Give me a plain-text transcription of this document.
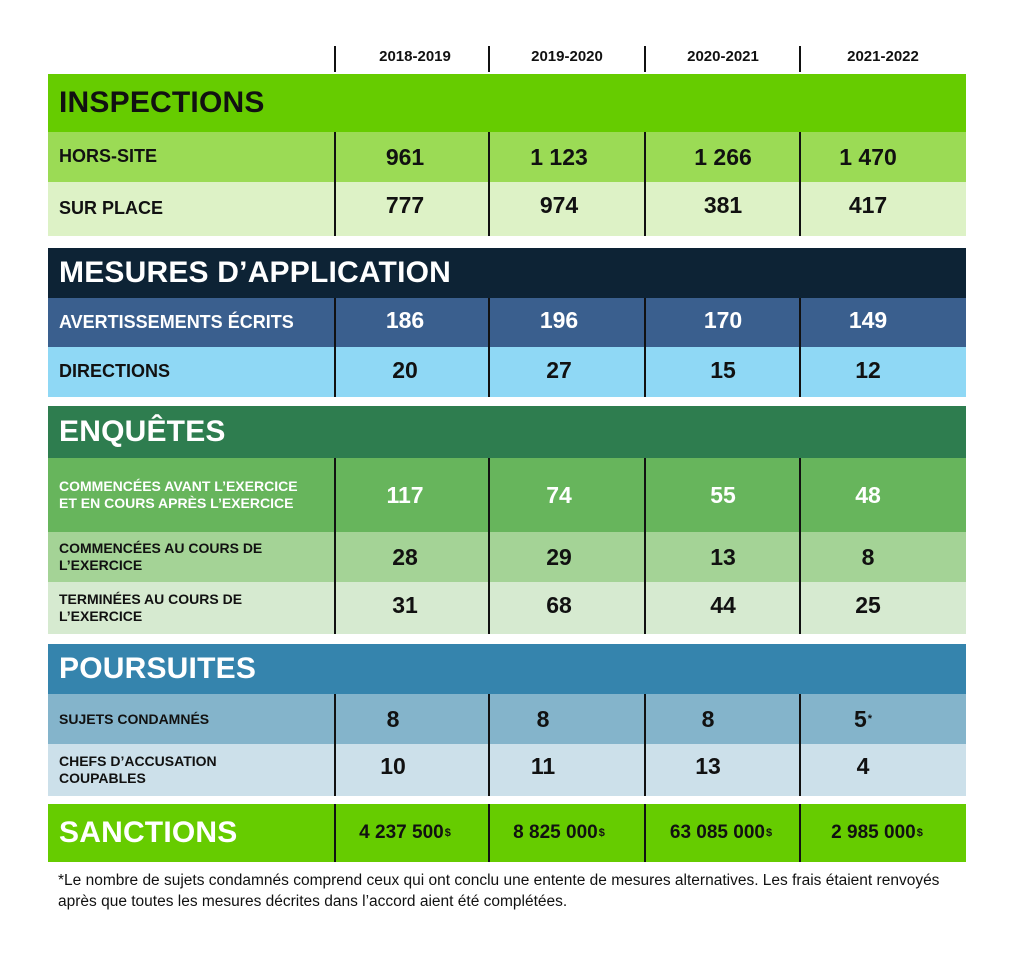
2018-2019	2019-2020	2020-2021	2021-2022
INSPECTIONS
HORS-SITE	961	1 123	1 266	1 470
SUR PLACE	777	974	381	417
MESURES D’APPLICATION
AVERTISSEMENTS ÉCRITS	186	196	170	149
DIRECTIONS	20	27	15	12
ENQUÊTES
COMMENCÉES AVANT L’EXERCICE
ET EN COURS APRÈS L’EXERCICE	117	74	55	48
COMMENCÉES AU COURS DE
L’EXERCICE	28	29	13	8
TERMINÉES AU COURS DE
L’EXERCICE	31	68	44	25
POURSUITES
SUJETS CONDAMNÉS	8	8	8	5 *
CHEFS D’ACCUSATION
COUPABLES	10	11	13	4
SANCTIONS	4 237 500 $	8 825 000 $	63 085 000 $	2 985 000 $
*Le nombre de sujets condamnés comprend ceux qui ont conclu une entente de mesures alternatives. Les frais étaient renvoyés après que toutes les mesures décrites dans l’accord aient été complétées.
